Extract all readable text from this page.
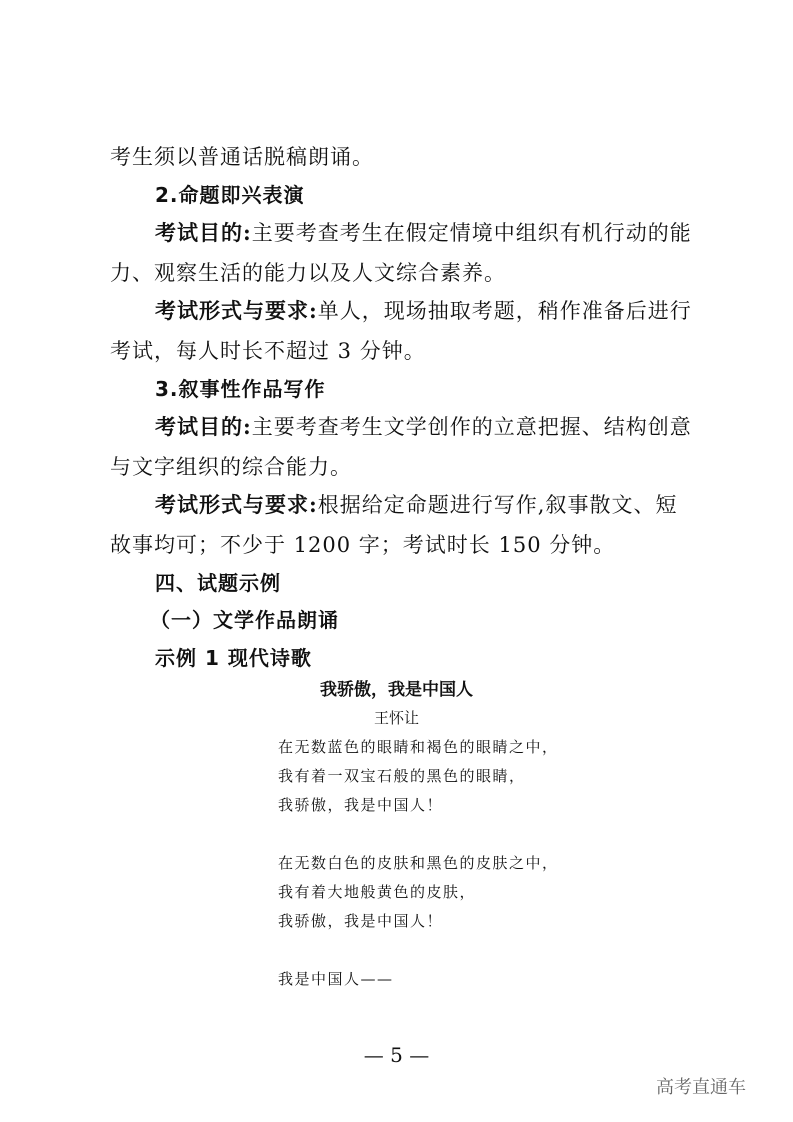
考生须以普通话脱稿朗诵。
2.命题即兴表演
考试目的:主要考查考生在假定情境中组织有机行动的能
力、观察生活的能力以及人文综合素养。
考试形式与要求:单人，现场抽取考题，稍作准备后进行
考试，每人时长不超过 3 分钟。
3.叙事性作品写作
考试目的:主要考查考生文学创作的立意把握、结构创意
与文字组织的综合能力。
考试形式与要求:根据给定命题进行写作,叙事散文、短
故事均可；不少于 1200 字；考试时长 150 分钟。
四、试题示例
（一）文学作品朗诵
示例 1 现代诗歌
我骄傲，我是中国人
王怀让
在无数蓝色的眼睛和褐色的眼睛之中，
我有着一双宝石般的黑色的眼睛，
我骄傲，我是中国人！
在无数白色的皮肤和黑色的皮肤之中，
我有着大地般黄色的皮肤，
我骄傲，我是中国人！
我是中国人——
— 5 —
高考直通车
